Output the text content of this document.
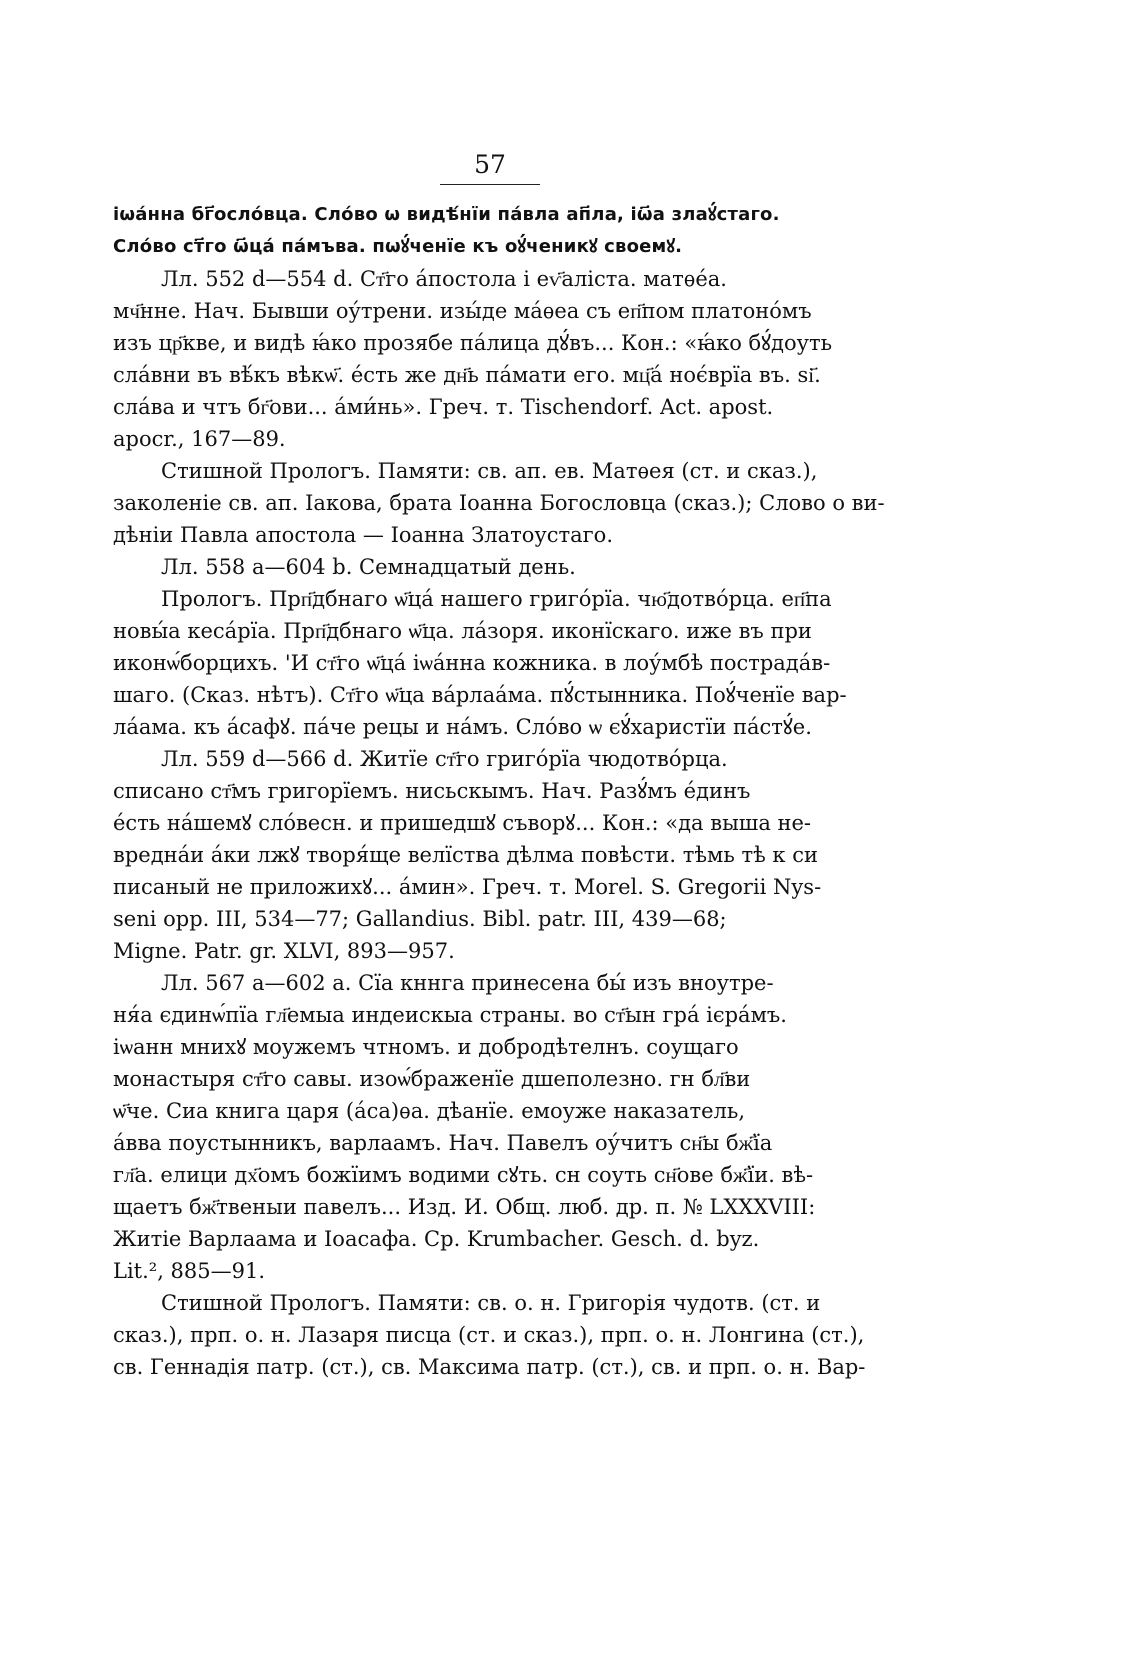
57

іѡа́нна бг҃осло́вца. Сло́во ѡ видѣ́нїи па́вла ап҃ла, іѡ҃а злаꙋ́стаго.
Сло́во ст҃го ѡ҃ца́ па́мъва. пѡꙋ́ченїе къ оꙋ́ченикꙋ своемꙋ.

Лл. 552 d—554 d. Ст҃го а́постола і еѵ҃аліста. матѳе́а.
мч҃нне. Нач. Бывши оу́трени. изы́де ма́ѳеа съ еп҃пом платоно́мъ
изъ цр҃кве, и видѣ ꙗ́ко прозябе па́лица дꙋ́въ... Кон.: «ꙗ́ко бꙋ́доуть
сла́вни въ вѣ́къ вѣкѡ҃. е́сть же дн҃ь па́мати его. мц҃а́ ноє́врїа въ. ѕі҃.
сла́ва и чтъ бг҃ови... а́ми́нь». Греч. т. Tischendorf. Act. apost.
apocr., 167—89.

Стишной Прологъ. Памяти: св. ап. ев. Матѳея (ст. и сказ.),
заколеніе св. ап. Іакова, брата Іоанна Богословца (сказ.); Слово о ви-
дѣніи Павла апостола — Іоанна Златоустаго.

Лл. 558 a—604 b. Семнадцатый день.

Прологъ. Прп҃дбнаго ѡ҃ца́ нашего григо́рїа. чю҃дотво́рца. еп҃па
новы́а кеса́рїа. Прп҃дбнаго ѡ҃ца. ла́зоря. иконїскаго. иже въ при
иконѡ́борцихъ. 'И ст҃го ѡ҃ца́ іѡа́нна кожника. в лоу́мбѣ пострада́в-
шаго. (Сказ. нѣтъ). Ст҃го ѡ҃ца ва́рлаа́ма. пꙋ́стынника. Поꙋ́ченїе вар-
ла́ама. къ а́сафꙋ. па́че рецы и на́мъ. Сло́во ѡ єꙋ́харистїи па́стꙋ́е.

Лл. 559 d—566 d. Житїе ст҃го григо́рїа чюдотво́рца.
списано ст҃мъ григорїемъ. нисьскымъ. Нач. Разꙋ́мъ е́динъ
е́сть на́шемꙋ сло́весн. и пришедшꙋ съворꙋ... Кон.: «да выша не-
вредна́и а́ки лжꙋ творя́ще велїства дѣлма повѣсти. тѣмь тѣ к си
писаный не приложихꙋ... а́мин». Греч. т. Morel. S. Gregorii Nys-
seni opp. III, 534—77; Gallandius. Bibl. patr. III, 439—68;
Migne. Patr. gr. XLVI, 893—957.

Лл. 567 a—602 a. Сїа кннга принесена бы́ изъ вноутре-
ня́а єдинѡ́пїа гл҃емыа индеискыа страны. во ст҃ын гра́ ієра́мъ.
іѡанн мнихꙋ моужемъ чтномъ. и добродѣтелнъ. соущаго
монастыря ст҃го савы. изоѡ́браженїе дшеполезно. гн бл҃ви
ѡ҃че. Сиа книга царя (а́са)ѳа. дѣанїе. емоуже наказатель,
а́вва поустынникъ, варлаамъ. Нач. Павелъ оу́читъ сн҃ы бж҃їа
гл҃а. елици дх҃омъ божїимъ водими сꙋть. сн соуть сн҃ове бж҃їи. вѣ-
щаетъ бж҃твеныи павелъ... Изд. И. Общ. люб. др. п. № LXXXVIII:
Житіе Варлаама и Іоасафа. Ср. Krumbacher. Gesch. d. byz.
Lit.², 885—91.

Стишной Прологъ. Памяти: св. о. н. Григорія чудотв. (ст. и
сказ.), прп. о. н. Лазаря писца (ст. и сказ.), прп. о. н. Лонгина (ст.),
св. Геннадія патр. (ст.), св. Максима патр. (ст.), св. и прп. о. н. Вар-
